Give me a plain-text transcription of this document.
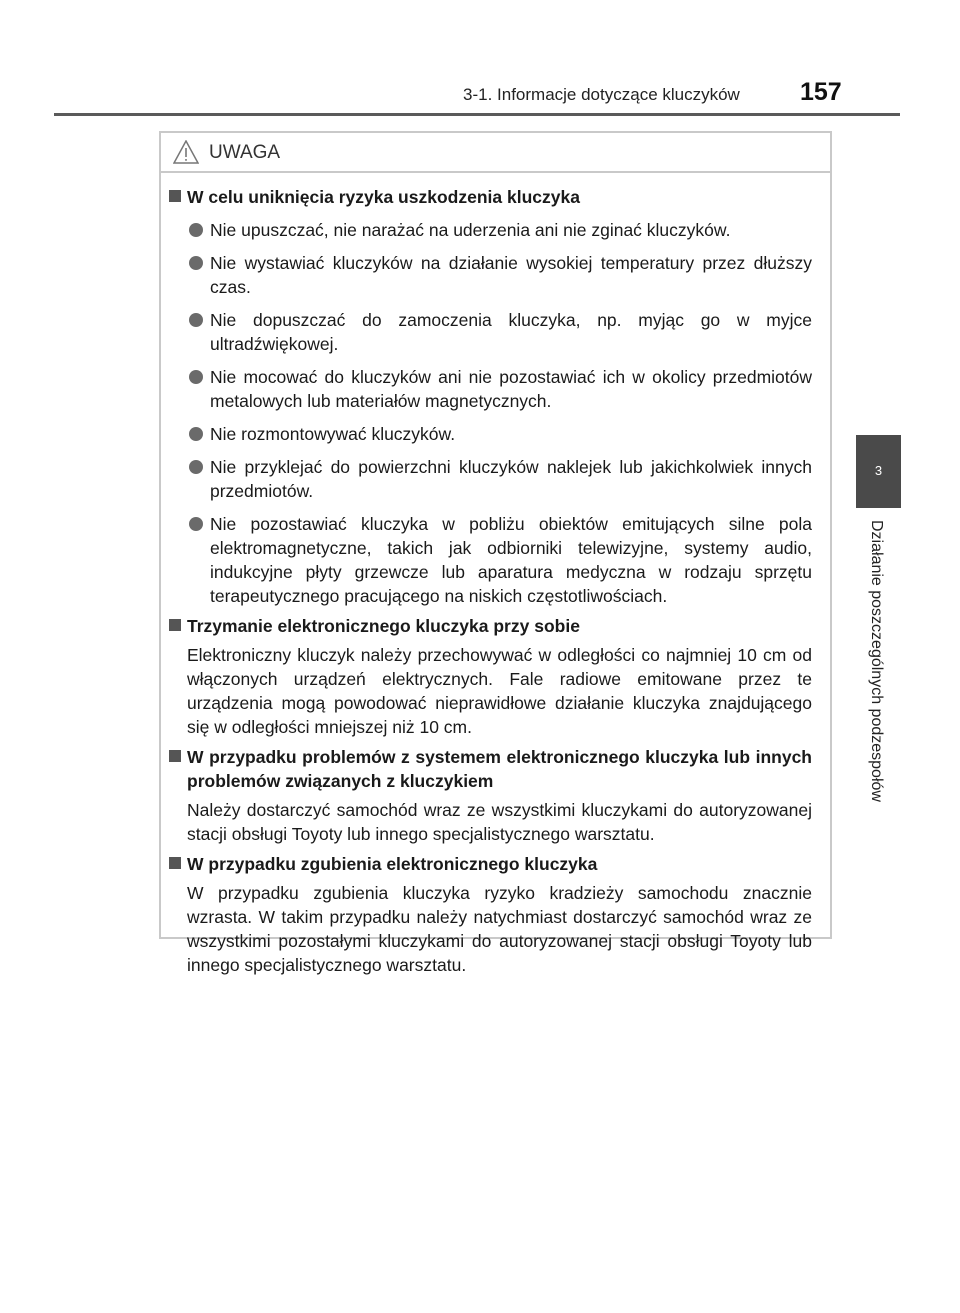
3-1. Informacje dotyczące kluczyków 157
3
Działanie poszczególnych podzespołów
UWAGA
W celu uniknięcia ryzyka uszkodzenia kluczyka
Nie upuszczać, nie narażać na uderzenia ani nie zginać kluczyków.
Nie wystawiać kluczyków na działanie wysokiej temperatury przez dłuższy czas.
Nie dopuszczać do zamoczenia kluczyka, np. myjąc go w myjce ultradźwiękowej.
Nie mocować do kluczyków ani nie pozostawiać ich w okolicy przedmiotów metalowych lub materiałów magnetycznych.
Nie rozmontowywać kluczyków.
Nie przyklejać do powierzchni kluczyków naklejek lub jakichkolwiek innych przedmiotów.
Nie pozostawiać kluczyka w pobliżu obiektów emitujących silne pola elektromagnetyczne, takich jak odbiorniki telewizyjne, systemy audio, indukcyjne płyty grzewcze lub aparatura medyczna w rodzaju sprzętu terapeutycznego pracującego na niskich częstotliwościach.
Trzymanie elektronicznego kluczyka przy sobie
Elektroniczny kluczyk należy przechowywać w odległości co najmniej 10 cm od włączonych urządzeń elektrycznych. Fale radiowe emitowane przez te urządzenia mogą powodować nieprawidłowe działanie kluczyka znajdującego się w odległości mniejszej niż 10 cm.
W przypadku problemów z systemem elektronicznego kluczyka lub innych problemów związanych z kluczykiem
Należy dostarczyć samochód wraz ze wszystkimi kluczykami do autoryzowanej stacji obsługi Toyoty lub innego specjalistycznego warsztatu.
W przypadku zgubienia elektronicznego kluczyka
W przypadku zgubienia kluczyka ryzyko kradzieży samochodu znacznie wzrasta. W takim przypadku należy natychmiast dostarczyć samochód wraz ze wszystkimi pozostałymi kluczykami do autoryzowanej stacji obsługi Toyoty lub innego specjalistycznego warsztatu.
